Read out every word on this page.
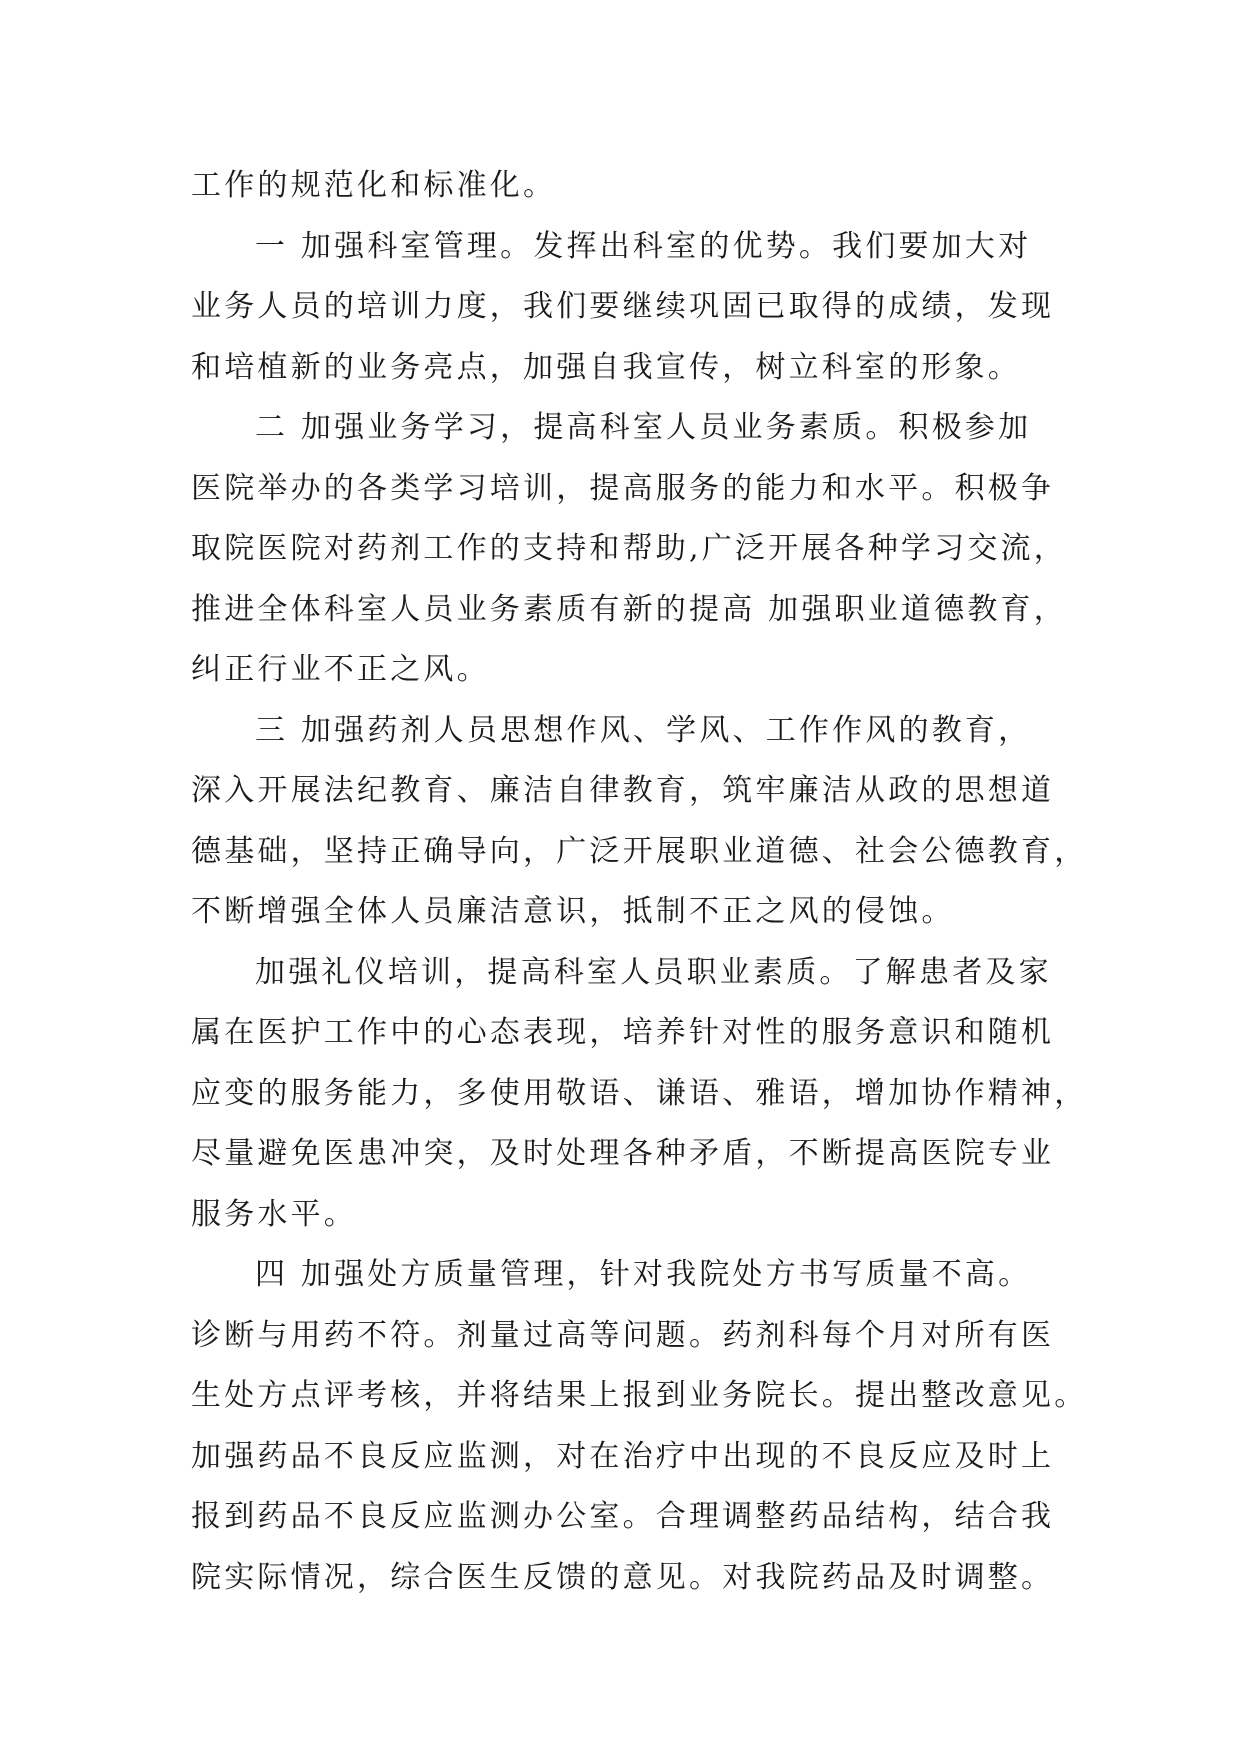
工作的规范化和标准化。
一 加强科室管理。发挥出科室的优势。我们要加大对
业务人员的培训力度，我们要继续巩固已取得的成绩，发现
和培植新的业务亮点，加强自我宣传，树立科室的形象。
二 加强业务学习，提高科室人员业务素质。积极参加
医院举办的各类学习培训，提高服务的能力和水平。积极争
取院医院对药剂工作的支持和帮助,广泛开展各种学习交流，
推进全体科室人员业务素质有新的提高 加强职业道德教育，
纠正行业不正之风。
三 加强药剂人员思想作风、学风、工作作风的教育，
深入开展法纪教育、廉洁自律教育，筑牢廉洁从政的思想道
德基础，坚持正确导向，广泛开展职业道德、社会公德教育，
不断增强全体人员廉洁意识，抵制不正之风的侵蚀。
加强礼仪培训，提高科室人员职业素质。了解患者及家
属在医护工作中的心态表现，培养针对性的服务意识和随机
应变的服务能力，多使用敬语、谦语、雅语，增加协作精神，
尽量避免医患冲突，及时处理各种矛盾，不断提高医院专业
服务水平。
四 加强处方质量管理，针对我院处方书写质量不高。
诊断与用药不符。剂量过高等问题。药剂科每个月对所有医
生处方点评考核，并将结果上报到业务院长。提出整改意见。
加强药品不良反应监测，对在治疗中出现的不良反应及时上
报到药品不良反应监测办公室。合理调整药品结构，结合我
院实际情况，综合医生反馈的意见。对我院药品及时调整。
